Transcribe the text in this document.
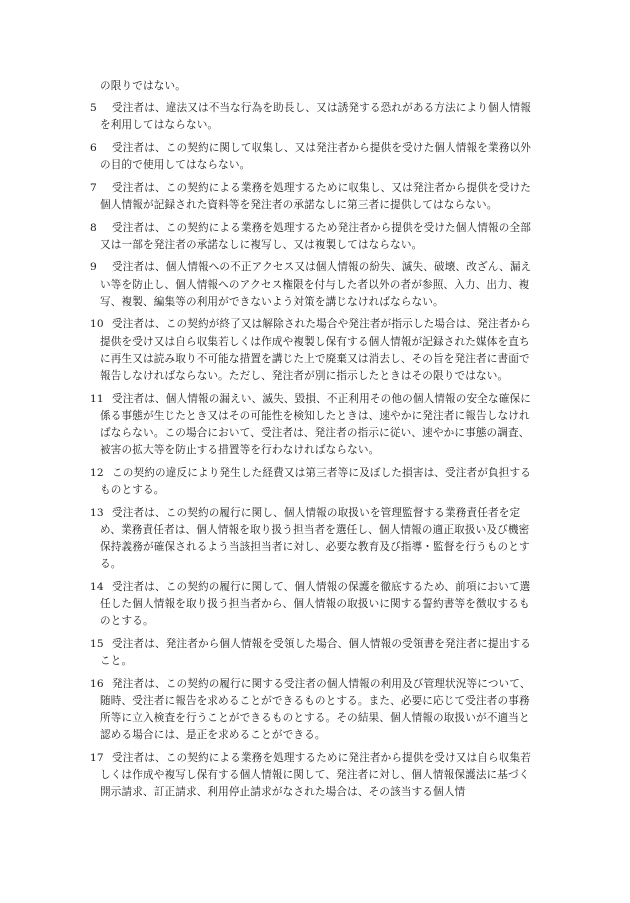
の限りではない。

5	受注者は、違法又は不当な行為を助長し、又は誘発する恐れがある方法により個人情報を利用してはならない。

6	受注者は、この契約に関して収集し、又は発注者から提供を受けた個人情報を業務以外の目的で使用してはならない。

7	受注者は、この契約による業務を処理するために収集し、又は発注者から提供を受けた個人情報が記録された資料等を発注者の承諾なしに第三者に提供してはならない。

8	受注者は、この契約による業務を処理するため発注者から提供を受けた個人情報の全部又は一部を発注者の承諾なしに複写し、又は複製してはならない。

9	受注者は、個人情報への不正アクセス又は個人情報の紛失、滅失、破壊、改ざん、漏えい等を防止し、個人情報へのアクセス権限を付与した者以外の者が参照、入力、出力、複写、複製、編集等の利用ができないよう対策を講じなければならない。

10 受注者は、この契約が終了又は解除された場合や発注者が指示した場合は、発注者から提供を受け又は自ら収集若しくは作成や複製し保有する個人情報が記録された媒体を直ちに再生又は読み取り不可能な措置を講じた上で廃棄又は消去し、その旨を発注者に書面で報告しなければならない。ただし、発注者が別に指示したときはその限りではない。

11 受注者は、個人情報の漏えい、滅失、毀損、不正利用その他の個人情報の安全な確保に係る事態が生じたとき又はその可能性を検知したときは、速やかに発注者に報告しなければならない。この場合において、受注者は、発注者の指示に従い、速やかに事態の調査、被害の拡大等を防止する措置等を行わなければならない。

12 この契約の違反により発生した経費又は第三者等に及ぼした損害は、受注者が負担するものとする。

13 受注者は、この契約の履行に関し、個人情報の取扱いを管理監督する業務責任者を定め、業務責任者は、個人情報を取り扱う担当者を選任し、個人情報の適正取扱い及び機密保持義務が確保されるよう当該担当者に対し、必要な教育及び指導・監督を行うものとする。

14 受注者は、この契約の履行に関して、個人情報の保護を徹底するため、前項において選任した個人情報を取り扱う担当者から、個人情報の取扱いに関する誓約書等を徴収するものとする。

15 受注者は、発注者から個人情報を受領した場合、個人情報の受領書を発注者に提出すること。

16 発注者は、この契約の履行に関する受注者の個人情報の利用及び管理状況等について、随時、受注者に報告を求めることができるものとする。また、必要に応じて受注者の事務所等に立入検査を行うことができるものとする。その結果、個人情報の取扱いが不適当と認める場合には、是正を求めることができる。

17 受注者は、この契約による業務を処理するために発注者から提供を受け又は自ら収集若しくは作成や複写し保有する個人情報に関して、発注者に対し、個人情報保護法に基づく開示請求、訂正請求、利用停止請求がなされた場合は、その該当する個人情
